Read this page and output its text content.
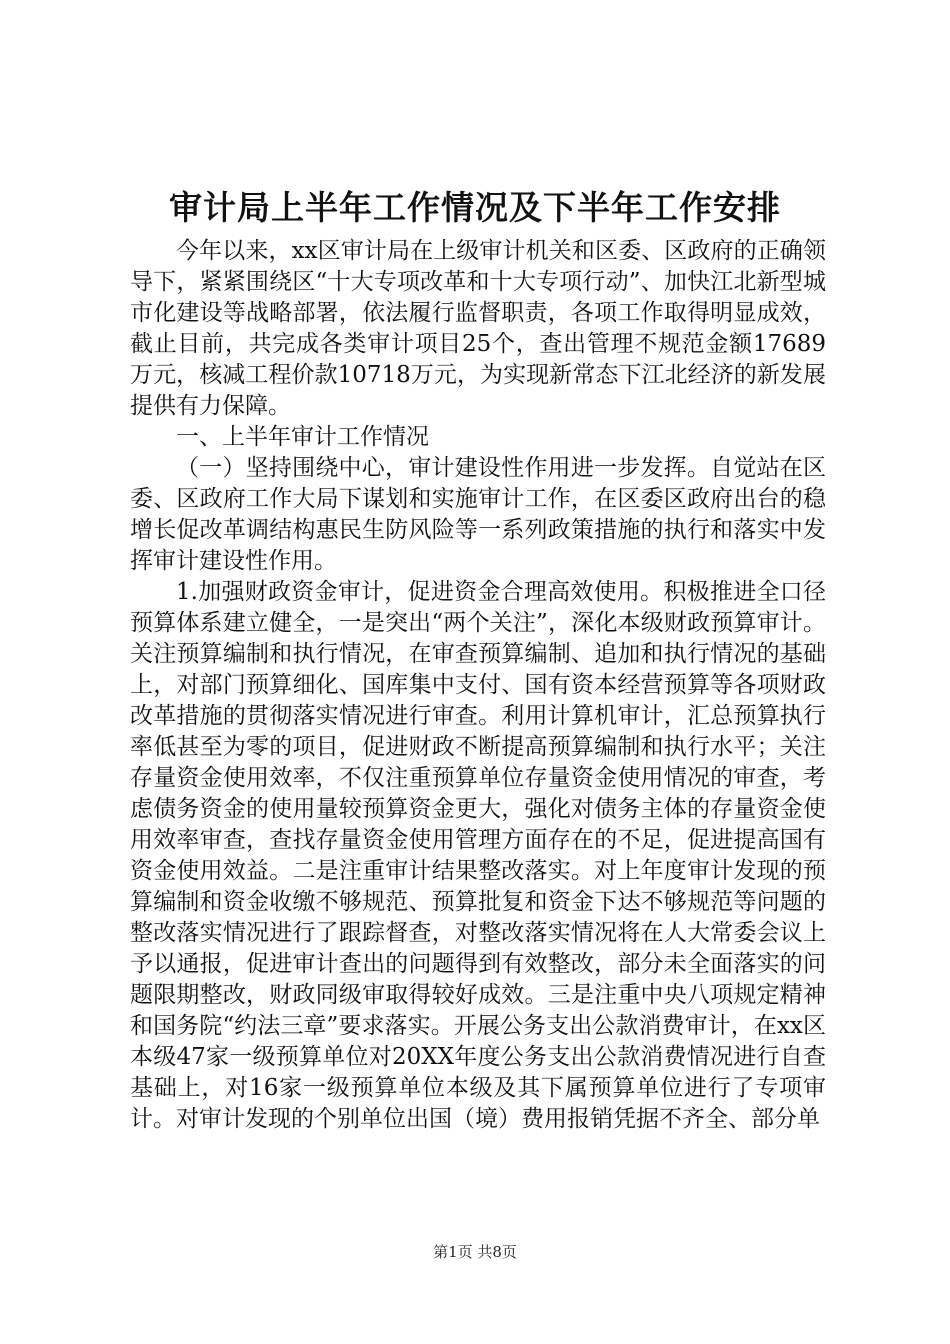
审计局上半年工作情况及下半年工作安排

今年以来，xx区审计局在上级审计机关和区委、区政府的正确领导下，紧紧围绕区“十大专项改革和十大专项行动”、加快江北新型城市化建设等战略部署，依法履行监督职责，各项工作取得明显成效，截止目前，共完成各类审计项目25个，查出管理不规范金额17689万元，核减工程价款10718万元，为实现新常态下江北经济的新发展提供有力保障。

一、上半年审计工作情况

（一）坚持围绕中心，审计建设性作用进一步发挥。自觉站在区委、区政府工作大局下谋划和实施审计工作，在区委区政府出台的稳增长促改革调结构惠民生防风险等一系列政策措施的执行和落实中发挥审计建设性作用。

1.加强财政资金审计，促进资金合理高效使用。积极推进全口径预算体系建立健全，一是突出“两个关注”，深化本级财政预算审计。关注预算编制和执行情况，在审查预算编制、追加和执行情况的基础上，对部门预算细化、国库集中支付、国有资本经营预算等各项财政改革措施的贯彻落实情况进行审查。利用计算机审计，汇总预算执行率低甚至为零的项目，促进财政不断提高预算编制和执行水平；关注存量资金使用效率，不仅注重预算单位存量资金使用情况的审查，考虑债务资金的使用量较预算资金更大，强化对债务主体的存量资金使用效率审查，查找存量资金使用管理方面存在的不足，促进提高国有资金使用效益。二是注重审计结果整改落实。对上年度审计发现的预算编制和资金收缴不够规范、预算批复和资金下达不够规范等问题的整改落实情况进行了跟踪督查，对整改落实情况将在人大常委会议上予以通报，促进审计查出的问题得到有效整改，部分未全面落实的问题限期整改，财政同级审取得较好成效。三是注重中央八项规定精神和国务院“约法三章”要求落实。开展公务支出公款消费审计，在xx区本级47家一级预算单位对20XX年度公务支出公款消费情况进行自查基础上，对16家一级预算单位本级及其下属预算单位进行了专项审计。对审计发现的个别单位出国（境）费用报销凭据不齐全、部分单

第1页 共8页
